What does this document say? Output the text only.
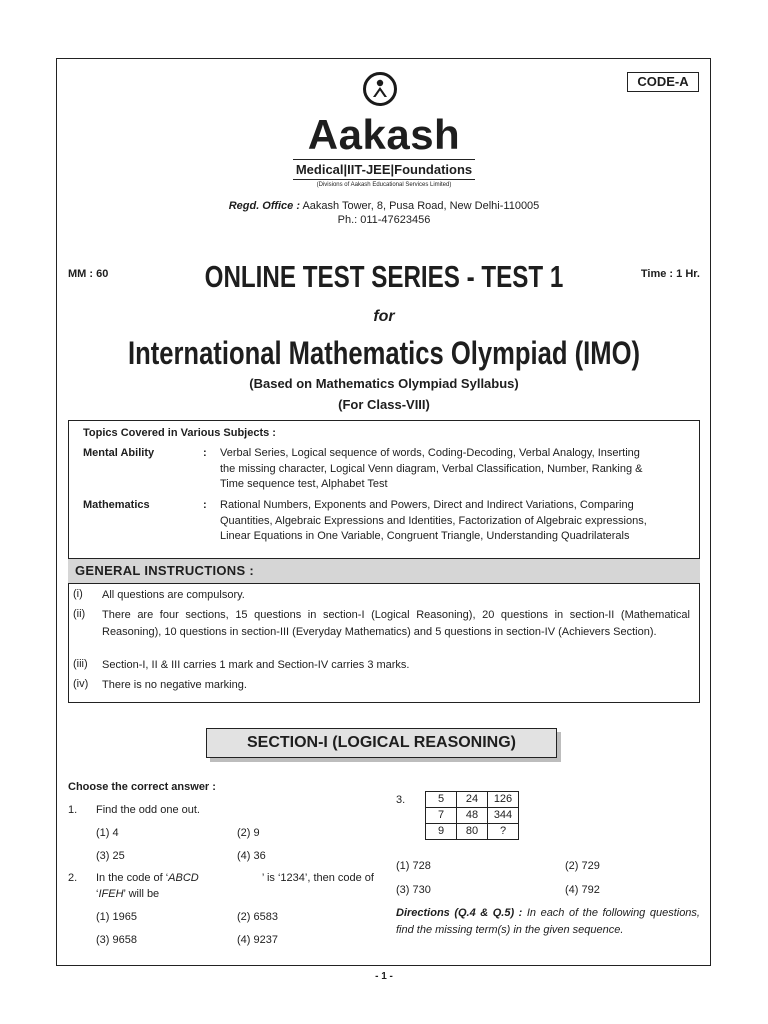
CODE-A
Aakash
Medical|IIT-JEE|Foundations
(Divisions of Aakash Educational Services Limited)
Regd. Office : Aakash Tower, 8, Pusa Road, New Delhi-110005
Ph.: 011-47623456
MM : 60	Time : 1 Hr.
ONLINE TEST SERIES - TEST 1
for
International Mathematics Olympiad (IMO)
(Based on Mathematics Olympiad Syllabus)
(For Class-VIII)
Topics Covered in Various Subjects :
Mental Ability	: Verbal Series, Logical sequence of words, Coding-Decoding, Verbal Analogy, Inserting
the missing character, Logical Venn diagram, Verbal Classification, Number, Ranking &
Time sequence test, Alphabet Test
Mathematics	: Rational Numbers, Exponents and Powers, Direct and Indirect Variations, Comparing
Quantities, Algebraic Expressions and Identities, Factorization of Algebraic expressions,
Linear Equations in One Variable, Congruent Triangle, Understanding Quadrilaterals
GENERAL INSTRUCTIONS :
(i) All questions are compulsory.
(ii) There are four sections, 15 questions in section-I (Logical Reasoning), 20 questions in section-II (Mathematical Reasoning), 10 questions in section-III (Everyday Mathematics) and 5 questions in section-IV (Achievers Section).
(iii) Section-I, II & III carries 1 mark and Section-IV carries 3 marks.
(iv) There is no negative marking.
SECTION-I (LOGICAL REASONING)
Choose the correct answer :
1. Find the odd one out.
(1) 4	(2) 9
(3) 25	(4) 36
2. In the code of ‘ ABCD	’ is ‘1234’, then code of
‘IFEH’ will be
(1) 1965	(2) 6583
(3) 9658	(4) 9237
3.	5	24	126
7	48	344
9	80	?
(1) 728	(2) 729
(3) 730	(4) 792
Directions (Q.4 & Q.5) : In each of the following questions, find the missing term(s) in the given sequence.
- 1 -
